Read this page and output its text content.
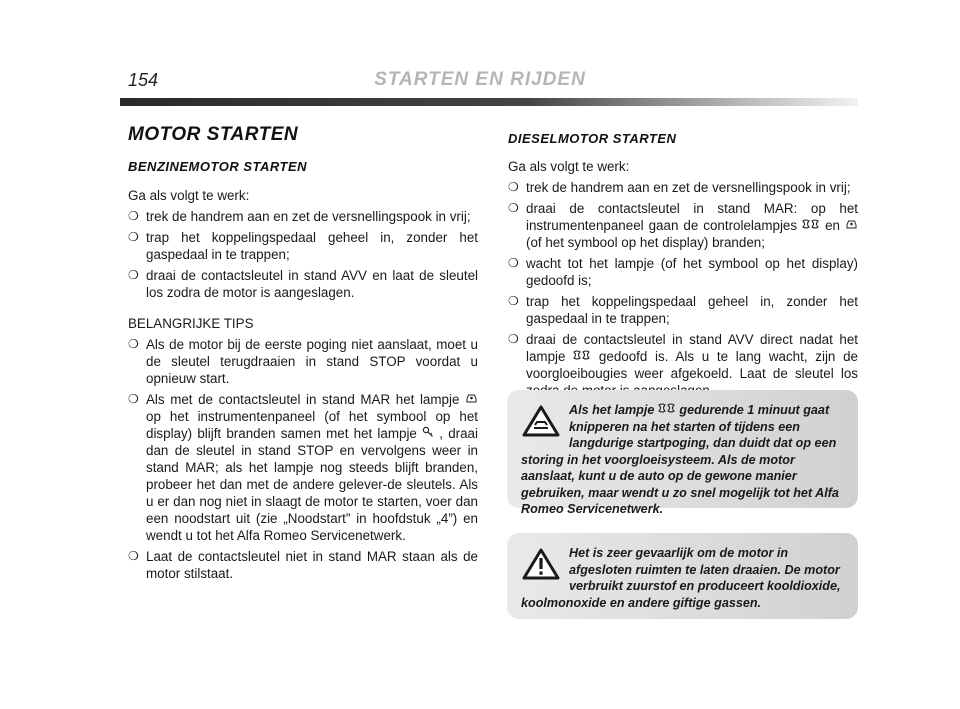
154	STARTEN EN RIJDEN
MOTOR STARTEN
BENZINEMOTOR STARTEN

Ga als volgt te werk:

❍ trek de handrem aan en zet de versnellingspook in vrij;
❍ trap het koppelingspedaal geheel in, zonder het gaspedaal in te trappen;
❍ draai de contactsleutel in stand AVV en laat de sleutel los zodra de motor is aangeslagen.

BELANGRIJKE TIPS

❍ Als de motor bij de eerste poging niet aanslaat, moet u de sleutel terugdraaien in stand STOP voordat u opnieuw start.
❍ Als met de contactsleutel in stand MAR het lampje  op het instrumentenpaneel (of het symbool op het display) blijft branden samen met het lampje , draai dan de sleutel in stand STOP en vervolgens weer in stand MAR; als het lampje nog steeds blijft branden, probeer het dan met de andere gelever-de sleutels. Als u er dan nog niet in slaagt de motor te starten, voer dan een noodstart uit (zie „Noodstart” in hoofdstuk „4”) en wendt u tot het Alfa Romeo Servicenetwerk.
❍ Laat de contactsleutel niet in stand MAR staan als de motor stilstaat.
DIESELMOTOR STARTEN

Ga als volgt te werk:

❍ trek de handrem aan en zet de versnellingspook in vrij;
❍ draai de contactsleutel in stand MAR: op het instrumentenpaneel gaan de controlelampjes en  (of het symbool op het display) branden;
❍ wacht tot het lampje (of het symbool op het display) gedoofd is;
❍ trap het koppelingspedaal geheel in, zonder het gaspedaal in te trappen;
❍ draai de contactsleutel in stand AVV direct nadat het lampje gedoofd is. Als u te lang wacht, zijn de voorgloeibougies weer afgekoeld. Laat de sleutel los
Als het lampje gedurende 1 minuut gaat knipperen na het starten of tijdens een langdurige startpoging, dan duidt dat op een storing in het voorgloeisysteem. Als de motor aanslaat, kunt u de auto op de gewone manier gebruiken, maar wendt u zo snel mogelijk tot het Alfa Romeo Servicenetwerk.
Het is zeer gevaarlijk om de motor in afgesloten ruimten te laten draaien. De motor verbruikt zuurstof en produceert kooldioxide, koolmonoxide en andere giftige gassen.
